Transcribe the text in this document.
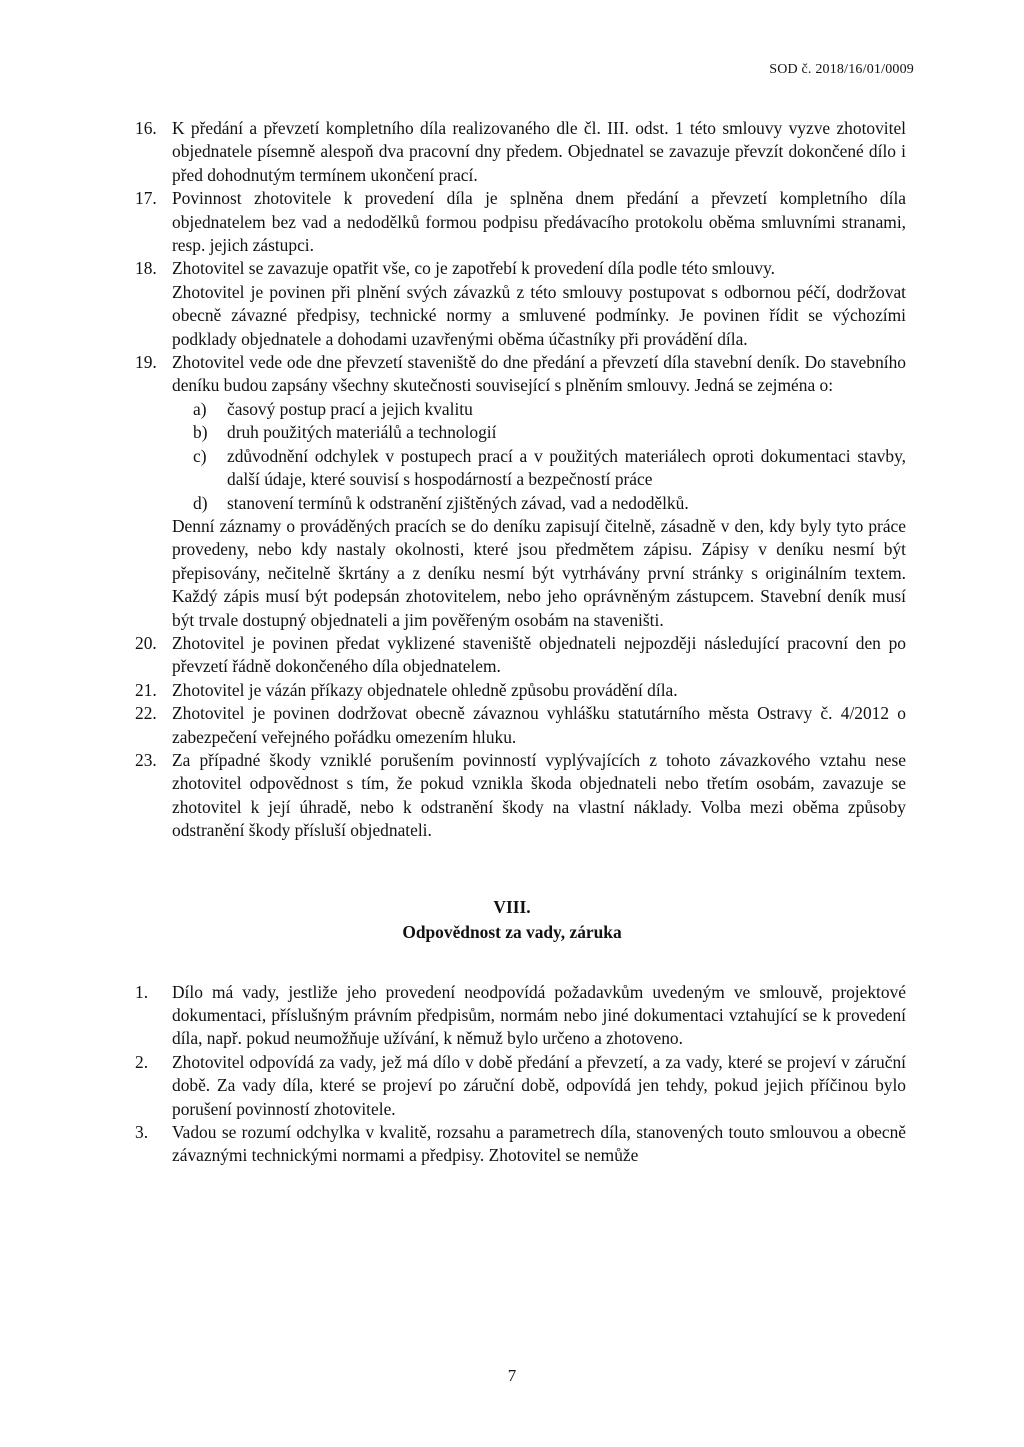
SOD č. 2018/16/01/0009
16. K předání a převzetí kompletního díla realizovaného dle čl. III. odst. 1 této smlouvy vyzve zhotovitel objednatele písemně alespoň dva pracovní dny předem. Objednatel se zavazuje převzít dokončené dílo i před dohodnutým termínem ukončení prací.
17. Povinnost zhotovitele k provedení díla je splněna dnem předání a převzetí kompletního díla objednatelem bez vad a nedodělků formou podpisu předávacího protokolu oběma smluvními stranami, resp. jejich zástupci.
18. Zhotovitel se zavazuje opatřit vše, co je zapotřebí k provedení díla podle této smlouvy.
Zhotovitel je povinen při plnění svých závazků z této smlouvy postupovat s odbornou péčí, dodržovat obecně závazné předpisy, technické normy a smluvené podmínky. Je povinen řídit se výchozími podklady objednatele a dohodami uzavřenými oběma účastníky při provádění díla.
19. Zhotovitel vede ode dne převzetí staveniště do dne předání a převzetí díla stavební deník. Do stavebního deníku budou zapsány všechny skutečnosti související s plněním smlouvy. Jedná se zejména o:
a) časový postup prací a jejich kvalitu
b) druh použitých materiálů a technologií
c) zdůvodnění odchylek v postupech prací a v použitých materiálech oproti dokumentaci stavby, další údaje, které souvisí s hospodárností a bezpečností práce
d) stanovení termínů k odstranění zjištěných závad, vad a nedodělků.
Denní záznamy o prováděných pracích se do deníku zapisují čitelně, zásadně v den, kdy byly tyto práce provedeny, nebo kdy nastaly okolnosti, které jsou předmětem zápisu. Zápisy v deníku nesmí být přepisovány, nečitelně škrtány a z deníku nesmí být vytrhávány první stránky s originálním textem. Každý zápis musí být podepsán zhotovitelem, nebo jeho oprávněným zástupcem. Stavební deník musí být trvale dostupný objednateli a jim pověřeným osobám na staveništi.
20. Zhotovitel je povinen předat vyklizené staveniště objednateli nejpozději následující pracovní den po převzetí řádně dokončeného díla objednatelem.
21. Zhotovitel je vázán příkazy objednatele ohledně způsobu provádění díla.
22. Zhotovitel je povinen dodržovat obecně závaznou vyhlášku statutárního města Ostravy č. 4/2012 o zabezpečení veřejného pořádku omezením hluku.
23. Za případné škody vzniklé porušením povinností vyplývajících z tohoto závazkového vztahu nese zhotovitel odpovědnost s tím, že pokud vznikla škoda objednateli nebo třetím osobám, zavazuje se zhotovitel k její úhradě, nebo k odstranění škody na vlastní náklady. Volba mezi oběma způsoby odstranění škody přísluší objednateli.
VIII.
Odpovědnost za vady, záruka
1. Dílo má vady, jestliže jeho provedení neodpovídá požadavkům uvedeným ve smlouvě, projektové dokumentaci, příslušným právním předpisům, normám nebo jiné dokumentaci vztahující se k provedení díla, např. pokud neumožňuje užívání, k němuž bylo určeno a zhotoveno.
2. Zhotovitel odpovídá za vady, jež má dílo v době předání a převzetí, a za vady, které se projeví v záruční době. Za vady díla, které se projeví po záruční době, odpovídá jen tehdy, pokud jejich příčinou bylo porušení povinností zhotovitele.
3. Vadou se rozumí odchylka v kvalitě, rozsahu a parametrech díla, stanovených touto smlouvou a obecně závaznými technickými normami a předpisy. Zhotovitel se nemůže
7
